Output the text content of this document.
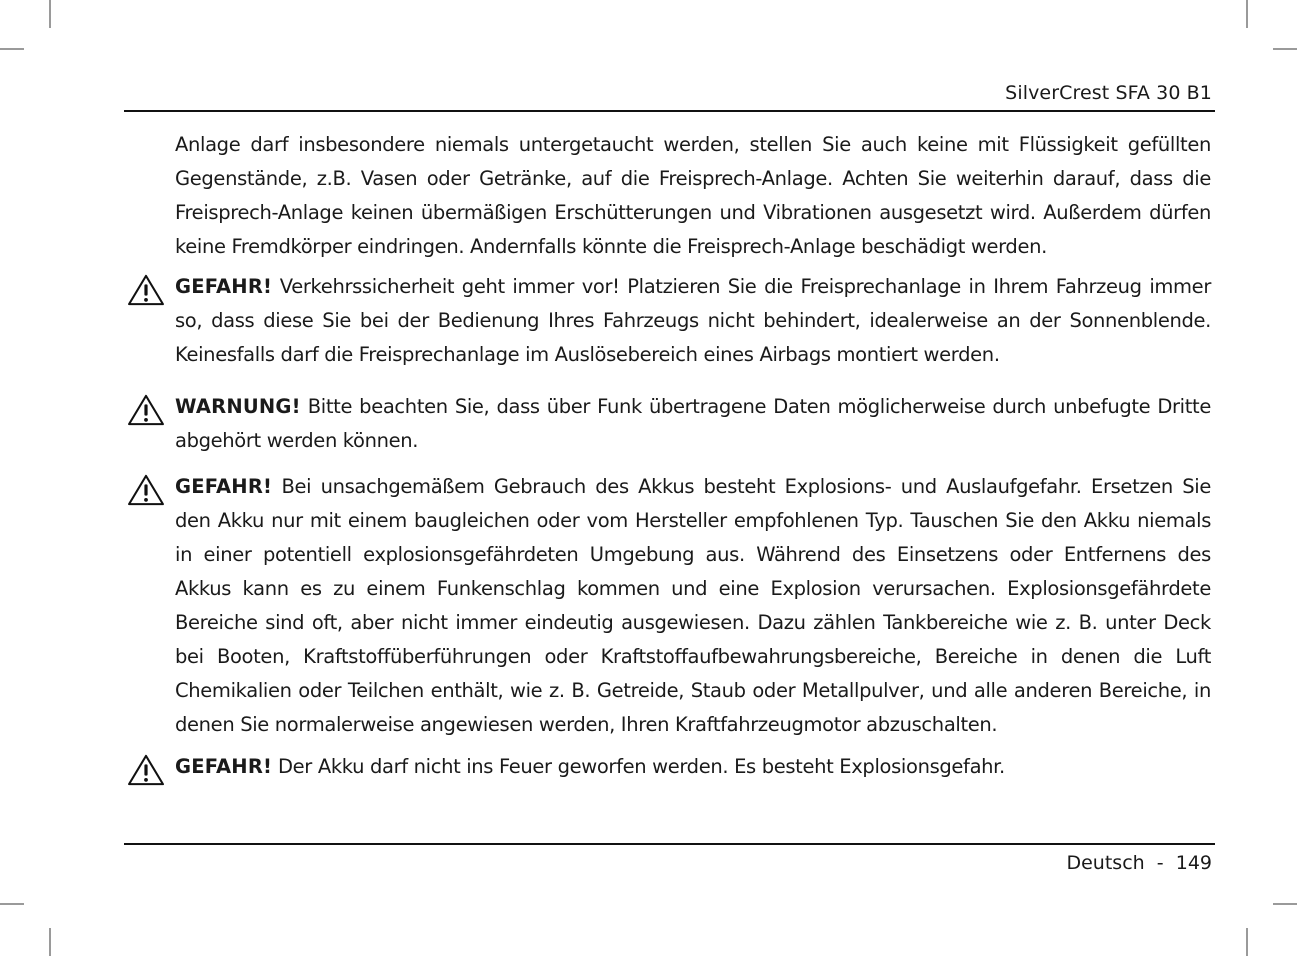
SilverCrest SFA 30 B1

Anlage darf insbesondere niemals untergetaucht werden, stellen Sie auch keine mit Flüssigkeit gefüllten Gegenstände, z.B. Vasen oder Getränke, auf die Freisprech-Anlage. Achten Sie weiterhin darauf, dass die Freisprech-Anlage keinen übermäßigen Erschütterungen und Vibrationen ausgesetzt wird. Außerdem dürfen keine Fremdkörper eindringen. Andernfalls könnte die Freisprech-Anlage beschädigt werden.

GEFAHR! Verkehrssicherheit geht immer vor! Platzieren Sie die Freisprechanlage in Ihrem Fahrzeug immer so, dass diese Sie bei der Bedienung Ihres Fahrzeugs nicht behindert, idealerweise an der Sonnenblende. Keinesfalls darf die Freisprechanlage im Auslösebereich eines Airbags montiert werden.

WARNUNG! Bitte beachten Sie, dass über Funk übertragene Daten möglicherweise durch unbefugte Dritte abgehört werden können.

GEFAHR! Bei unsachgemäßem Gebrauch des Akkus besteht Explosions- und Auslaufgefahr. Ersetzen Sie den Akku nur mit einem baugleichen oder vom Hersteller empfohlenen Typ. Tauschen Sie den Akku niemals in einer potentiell explosionsgefährdeten Umgebung aus. Während des Einsetzens oder Entfernens des Akkus kann es zu einem Funkenschlag kommen und eine Explosion verursachen. Explosionsgefährdete Bereiche sind oft, aber nicht immer eindeutig ausgewiesen. Dazu zählen Tankbereiche wie z. B. unter Deck bei Booten, Kraftstoffüberführungen oder Kraftstoffaufbewahrungsbereiche, Bereiche in denen die Luft Chemikalien oder Teilchen enthält, wie z. B. Getreide, Staub oder Metallpulver, und alle anderen Bereiche, in denen Sie normalerweise angewiesen werden, Ihren Kraftfahrzeugmotor abzuschalten.

GEFAHR! Der Akku darf nicht ins Feuer geworfen werden. Es besteht Explosionsgefahr.

Deutsch - 149
